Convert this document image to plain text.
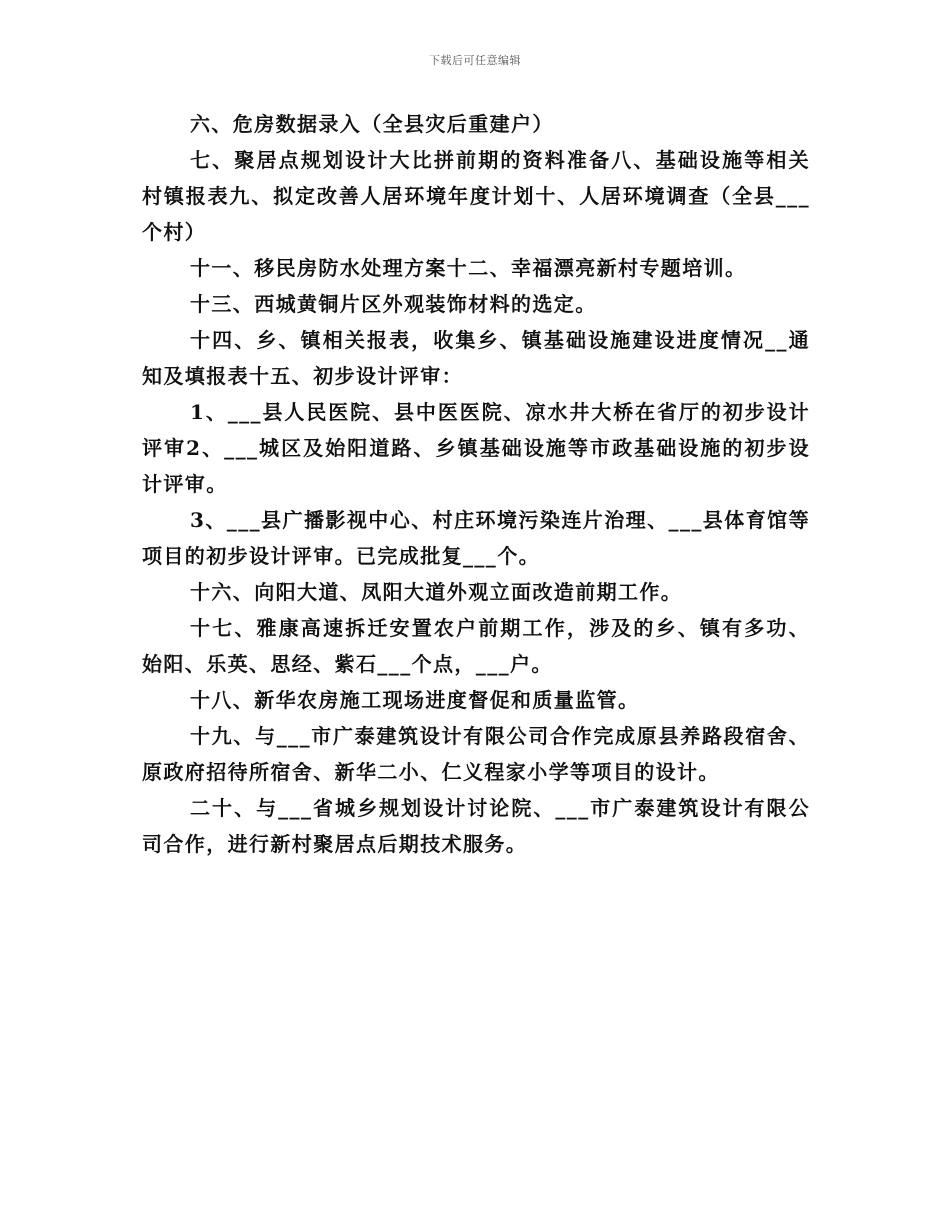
下载后可任意编辑

六、危房数据录入（全县灾后重建户）

七、聚居点规划设计大比拼前期的资料准备八、基础设施等相关村镇报表九、拟定改善人居环境年度计划十、人居环境调查（全县___个村）

十一、移民房防水处理方案十二、幸福漂亮新村专题培训。

十三、西城黄铜片区外观装饰材料的选定。

十四、乡、镇相关报表，收集乡、镇基础设施建设进度情况__通知及填报表十五、初步设计评审：

1、___县人民医院、县中医医院、凉水井大桥在省厅的初步设计评审2、___城区及始阳道路、乡镇基础设施等市政基础设施的初步设计评审。

3、___县广播影视中心、村庄环境污染连片治理、___县体育馆等项目的初步设计评审。已完成批复___个。

十六、向阳大道、凤阳大道外观立面改造前期工作。

十七、雅康高速拆迁安置农户前期工作，涉及的乡、镇有多功、始阳、乐英、思经、紫石___个点，___户。

十八、新华农房施工现场进度督促和质量监管。

十九、与___市广泰建筑设计有限公司合作完成原县养路段宿舍、原政府招待所宿舍、新华二小、仁义程家小学等项目的设计。

二十、与___省城乡规划设计讨论院、___市广泰建筑设计有限公司合作，进行新村聚居点后期技术服务。
